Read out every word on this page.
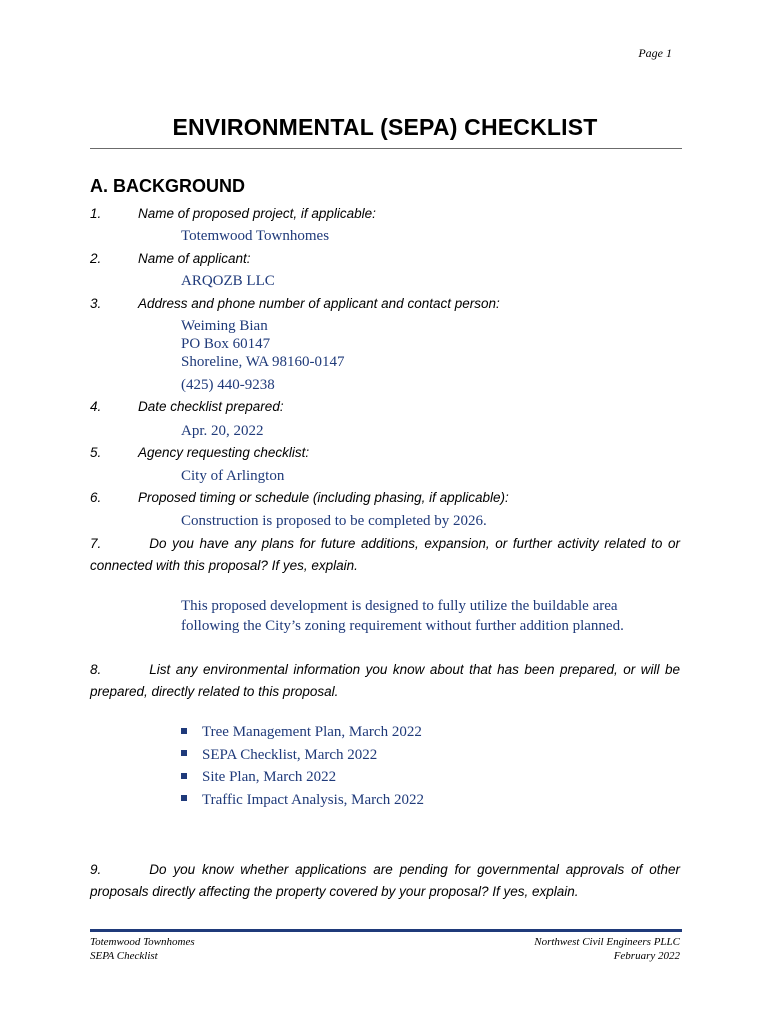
Page 1
ENVIRONMENTAL (SEPA) CHECKLIST
A. BACKGROUND
1.	Name of proposed project, if applicable:
Totemwood Townhomes
2.	Name of applicant:
ARQOZB LLC
3.	Address and phone number of applicant and contact person:
Weiming Bian
PO Box 60147
Shoreline, WA 98160-0147
(425) 440-9238
4.	Date checklist prepared:
Apr. 20, 2022
5.	Agency requesting checklist:
City of Arlington
6.	Proposed timing or schedule (including phasing, if applicable):
Construction is proposed to be completed by 2026.
7.	Do you have any plans for future additions, expansion, or further activity related to or connected with this proposal? If yes, explain.
This proposed development is designed to fully utilize the buildable area
following the City’s zoning requirement without further addition planned.
8.	List any environmental information you know about that has been prepared, or will be prepared, directly related to this proposal.
Tree Management Plan, March 2022
SEPA Checklist, March 2022
Site Plan, March 2022
Traffic Impact Analysis, March 2022
9.	Do you know whether applications are pending for governmental approvals of other proposals directly affecting the property covered by your proposal? If yes, explain.
Totemwood Townhomes
SEPA Checklist
Northwest Civil Engineers PLLC
February 2022
